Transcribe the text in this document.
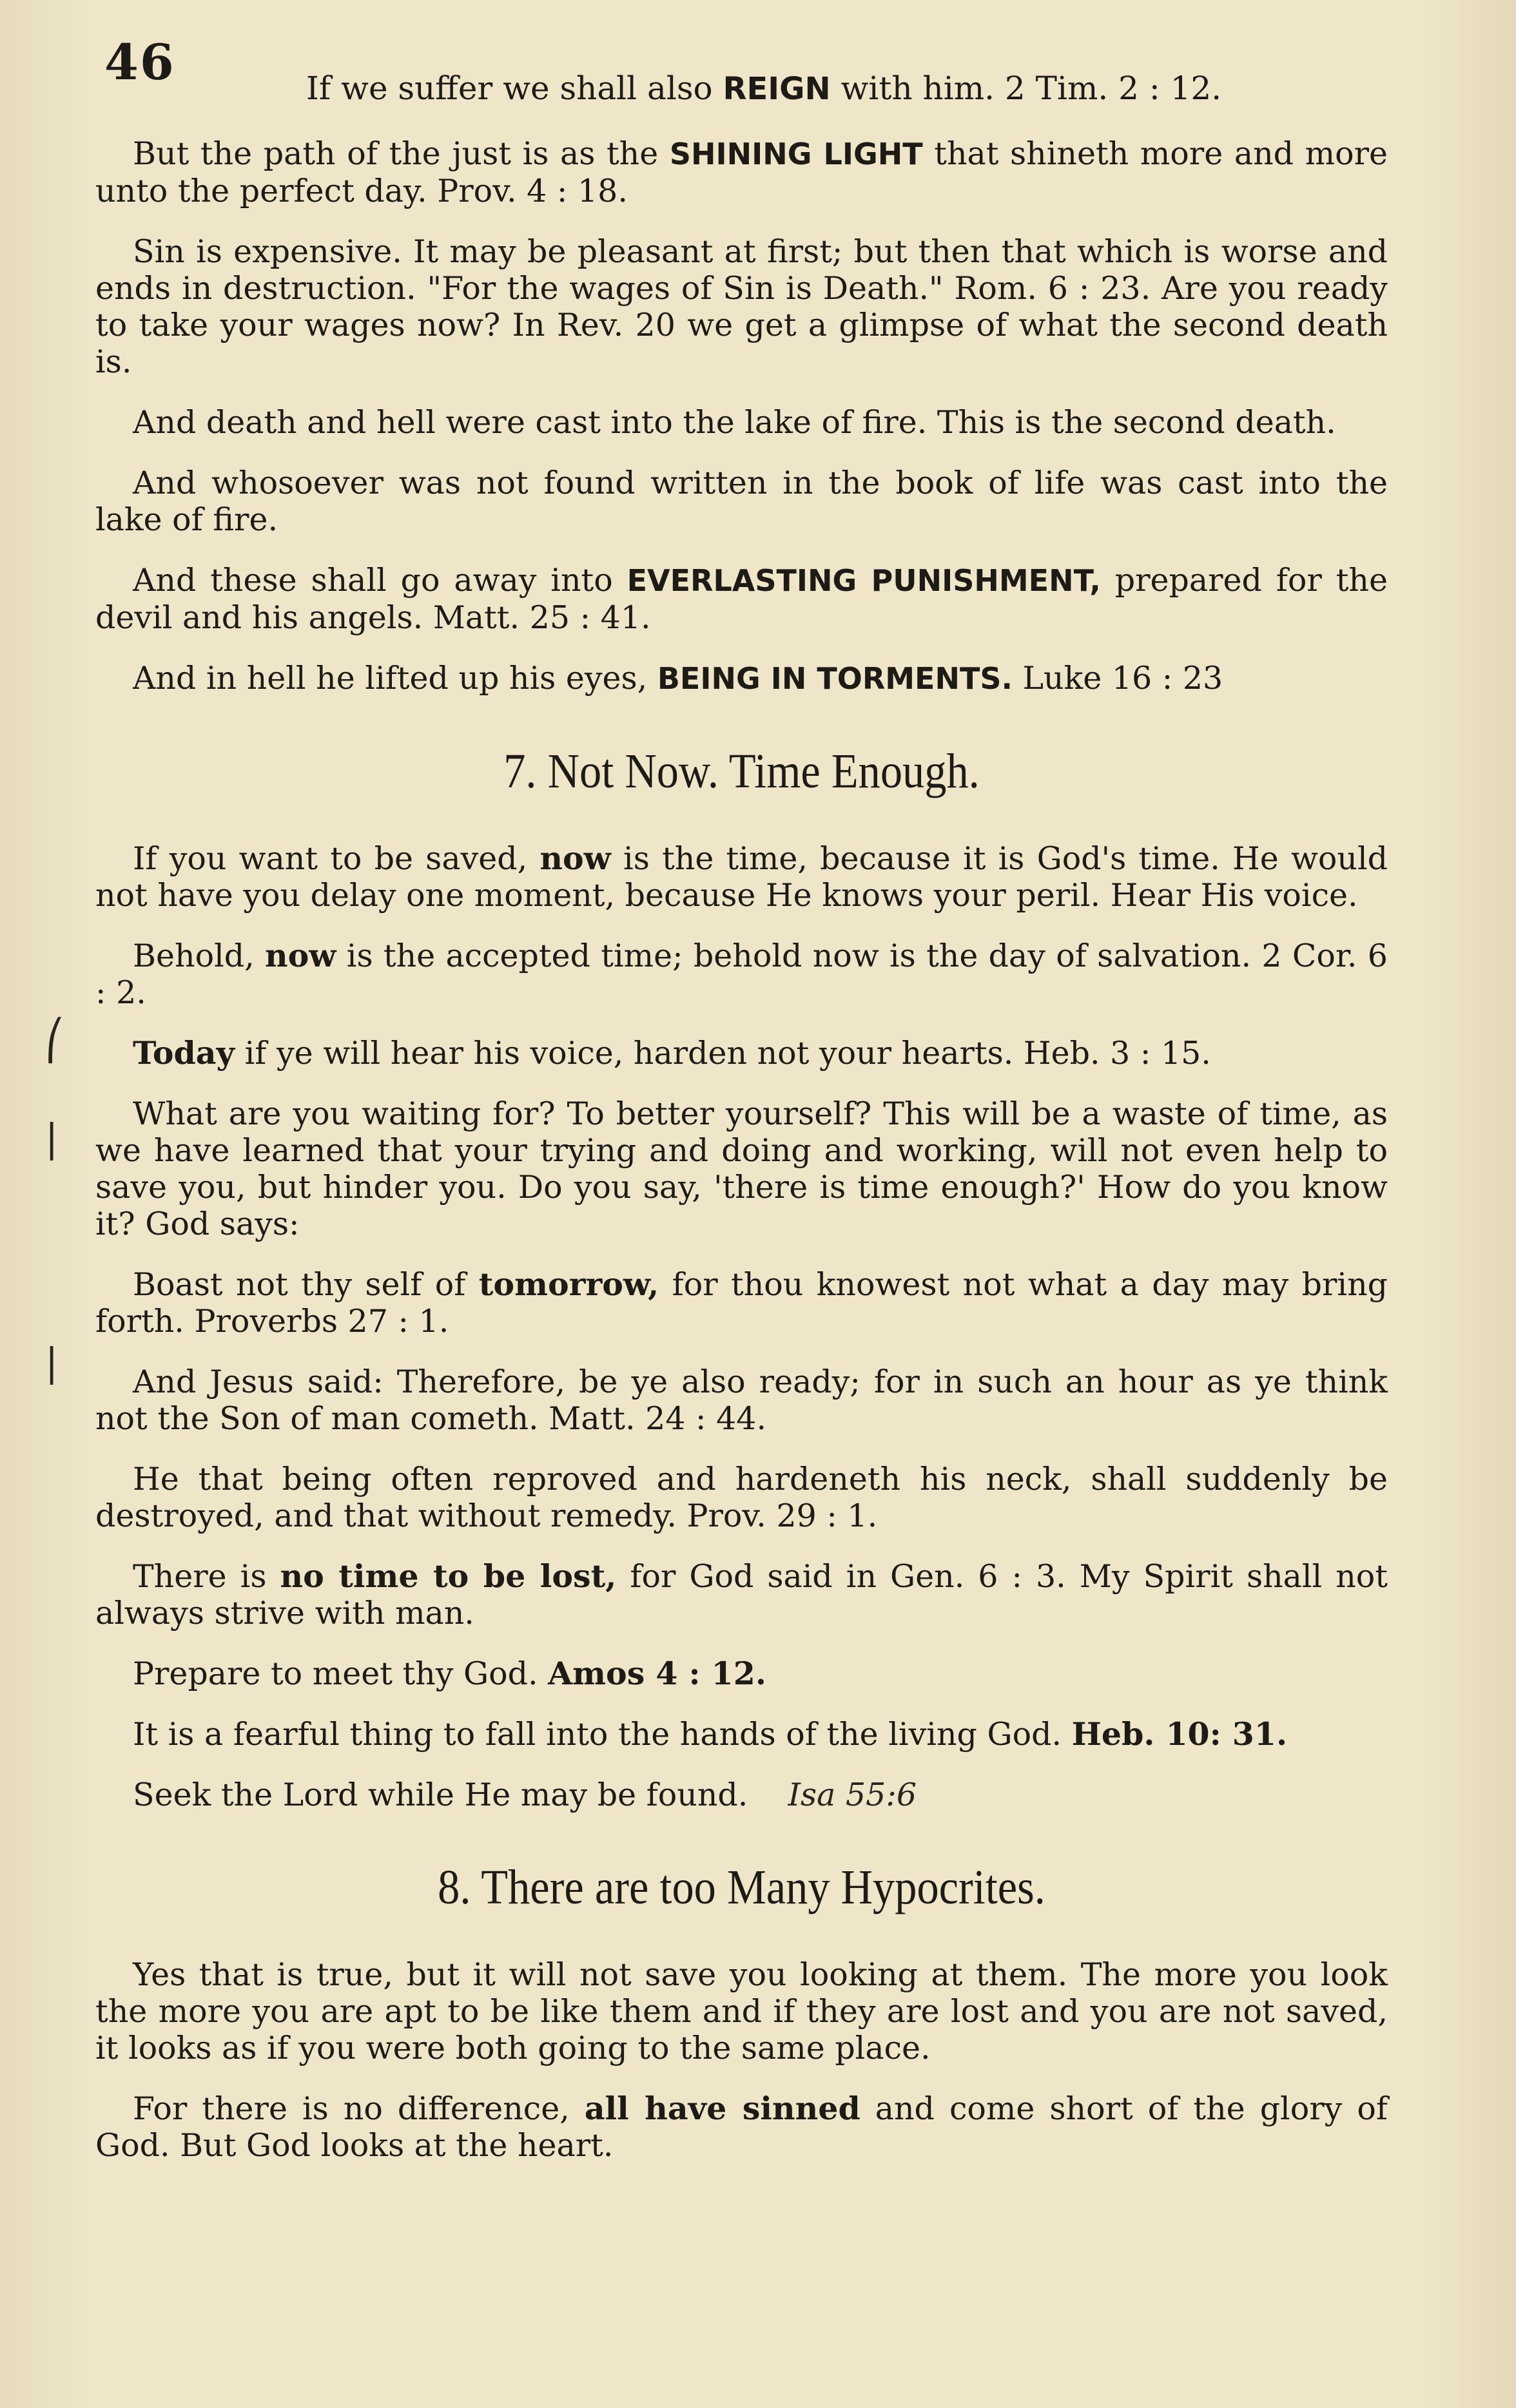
46	If we suffer we shall also REIGN with him. 2 Tim. 2 : 12.
⎛
|
|

But the path of the just is as the SHINING LIGHT that shineth more and more unto the perfect day. Prov. 4 : 18.

Sin is expensive. It may be pleasant at first; but then that which is worse and ends in destruction. "For the wages of Sin is Death." Rom. 6 : 23. Are you ready to take your wages now? In Rev. 20 we get a glimpse of what the second death is.

And death and hell were cast into the lake of fire. This is the second death.

And whosoever was not found written in the book of life was cast into the lake of fire.

And these shall go away into EVERLASTING PUNISHMENT, prepared for the devil and his angels. Matt. 25 : 41.

And in hell he lifted up his eyes, BEING IN TORMENTS. Luke 16 : 23

7. Not Now. Time Enough.

If you want to be saved, now is the time, because it is God's time. He would not have you delay one moment, because He knows your peril. Hear His voice.

Behold, now is the accepted time; behold now is the day of salvation. 2 Cor. 6 : 2.

Today if ye will hear his voice, harden not your hearts. Heb. 3 : 15.

What are you waiting for? To better yourself? This will be a waste of time, as we have learned that your trying and doing and working, will not even help to save you, but hinder you. Do you say, 'there is time enough?' How do you know it? God says:

Boast not thy self of tomorrow, for thou knowest not what a day may bring forth. Proverbs 27 : 1.

And Jesus said: Therefore, be ye also ready; for in such an hour as ye think not the Son of man cometh. Matt. 24 : 44.

He that being often reproved and hardeneth his neck, shall suddenly be destroyed, and that without remedy. Prov. 29 : 1.

There is no time to be lost, for God said in Gen. 6 : 3. My Spirit shall not always strive with man.

Prepare to meet thy God. Amos 4 : 12.

It is a fearful thing to fall into the hands of the living God. Heb. 10: 31.

Seek the Lord while He may be found. Isa 55:6

8. There are too Many Hypocrites.

Yes that is true, but it will not save you looking at them. The more you look the more you are apt to be like them and if they are lost and you are not saved, it looks as if you were both going to the same place.

For there is no difference, all have sinned and come short of the glory of God. But God looks at the heart.
